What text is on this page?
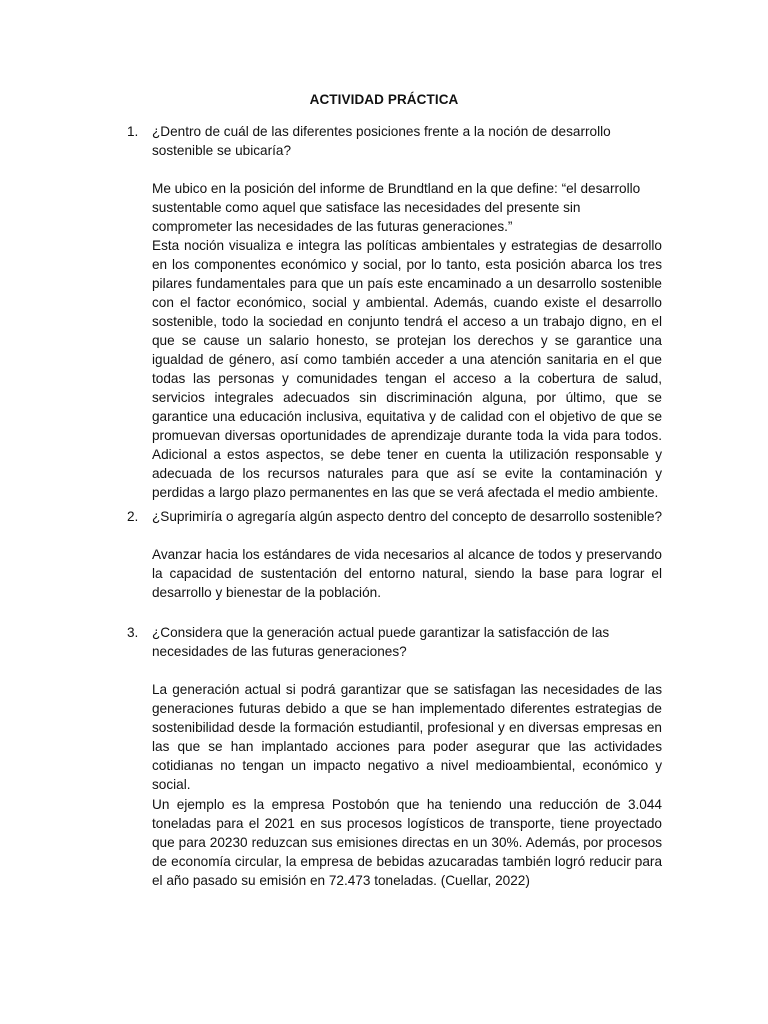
ACTIVIDAD PRÁCTICA
1. ¿Dentro de cuál de las diferentes posiciones frente a la noción de desarrollo sostenible se ubicaría?
Me ubico en la posición del informe de Brundtland en la que define: “el desarrollo sustentable como aquel que satisface las necesidades del presente sin comprometer las necesidades de las futuras generaciones.”
Esta noción visualiza e integra las políticas ambientales y estrategias de desarrollo en los componentes económico y social, por lo tanto, esta posición abarca los tres pilares fundamentales para que un país este encaminado a un desarrollo sostenible con el factor económico, social y ambiental. Además, cuando existe el desarrollo sostenible, todo la sociedad en conjunto tendrá el acceso a un trabajo digno, en el que se cause un salario honesto, se protejan los derechos y se garantice una igualdad de género, así como también acceder a una atención sanitaria en el que todas las personas y comunidades tengan el acceso a la cobertura de salud, servicios integrales adecuados sin discriminación alguna, por último, que se garantice una educación inclusiva, equitativa y de calidad con el objetivo de que se promuevan diversas oportunidades de aprendizaje durante toda la vida para todos. Adicional a estos aspectos, se debe tener en cuenta la utilización responsable y adecuada de los recursos naturales para que así se evite la contaminación y perdidas a largo plazo permanentes en las que se verá afectada el medio ambiente.
2. ¿Suprimiría o agregaría algún aspecto dentro del concepto de desarrollo sostenible?
Avanzar hacia los estándares de vida necesarios al alcance de todos y preservando la capacidad de sustentación del entorno natural, siendo la base para lograr el desarrollo y bienestar de la población.
3. ¿Considera que la generación actual puede garantizar la satisfacción de las necesidades de las futuras generaciones?
La generación actual si podrá garantizar que se satisfagan las necesidades de las generaciones futuras debido a que se han implementado diferentes estrategias de sostenibilidad desde la formación estudiantil, profesional y en diversas empresas en las que se han implantado acciones para poder asegurar que las actividades cotidianas no tengan un impacto negativo a nivel medioambiental, económico y social.
Un ejemplo es la empresa Postobón que ha teniendo una reducción de 3.044 toneladas para el 2021 en sus procesos logísticos de transporte, tiene proyectado que para 20230 reduzcan sus emisiones directas en un 30%. Además, por procesos de economía circular, la empresa de bebidas azucaradas también logró reducir para el año pasado su emisión en 72.473 toneladas. (Cuellar, 2022)
